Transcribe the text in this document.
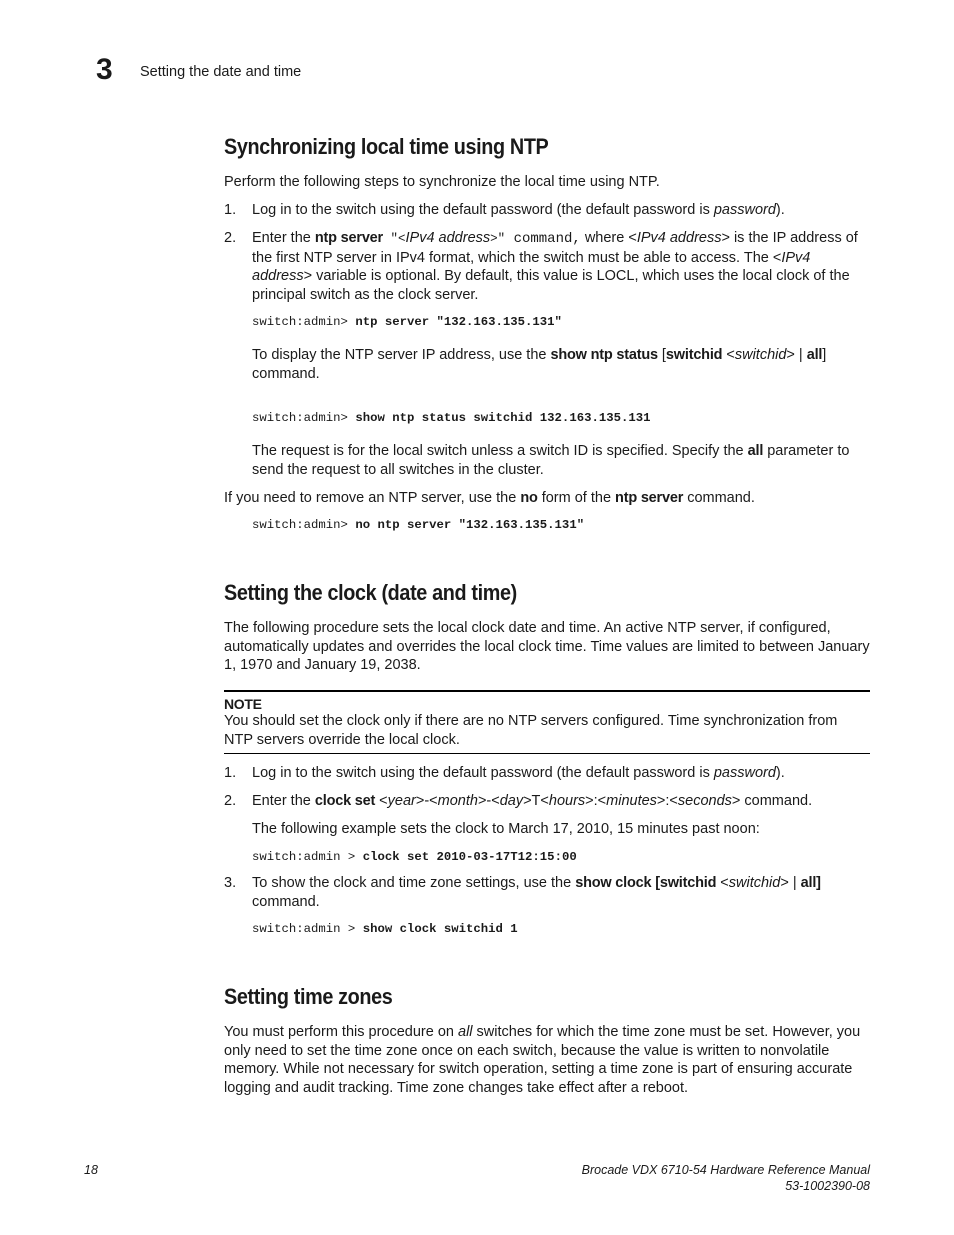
3 Setting the date and time
Synchronizing local time using NTP
Perform the following steps to synchronize the local time using NTP.
1. Log in to the switch using the default password (the default password is password).
2. Enter the ntp server "<IPv4 address>" command, where <IPv4 address> is the IP address of the first NTP server in IPv4 format, which the switch must be able to access. The <IPv4 address> variable is optional. By default, this value is LOCL, which uses the local clock of the principal switch as the clock server.
switch:admin> ntp server "132.163.135.131"
To display the NTP server IP address, use the show ntp status [switchid <switchid> | all] command.
switch:admin> show ntp status switchid 132.163.135.131
The request is for the local switch unless a switch ID is specified. Specify the all parameter to send the request to all switches in the cluster.
If you need to remove an NTP server, use the no form of the ntp server command.
switch:admin> no ntp server "132.163.135.131"
Setting the clock (date and time)
The following procedure sets the local clock date and time. An active NTP server, if configured, automatically updates and overrides the local clock time. Time values are limited to between January 1, 1970 and January 19, 2038.
NOTE
You should set the clock only if there are no NTP servers configured. Time synchronization from NTP servers override the local clock.
1. Log in to the switch using the default password (the default password is password).
2. Enter the clock set <year>-<month>-<day>T<hours>:<minutes>:<seconds> command.
The following example sets the clock to March 17, 2010, 15 minutes past noon:
switch:admin > clock set 2010-03-17T12:15:00
3. To show the clock and time zone settings, use the show clock [switchid <switchid> | all] command.
switch:admin > show clock switchid 1
Setting time zones
You must perform this procedure on all switches for which the time zone must be set. However, you only need to set the time zone once on each switch, because the value is written to nonvolatile memory. While not necessary for switch operation, setting a time zone is part of ensuring accurate logging and audit tracking. Time zone changes take effect after a reboot.
18	Brocade VDX 6710-54 Hardware Reference Manual
53-1002390-08
